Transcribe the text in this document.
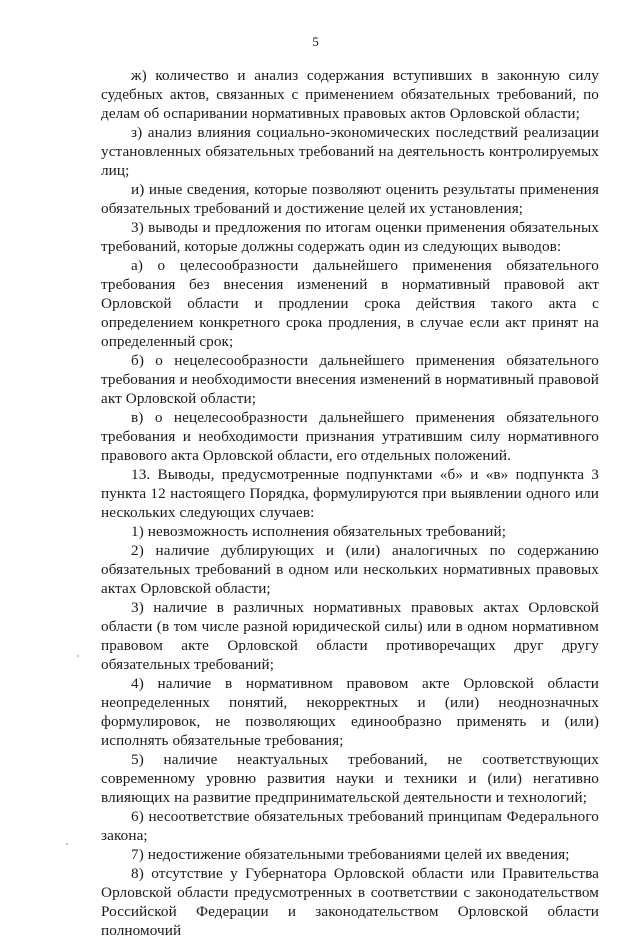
5

ж) количество и анализ содержания вступивших в законную силу судебных актов, связанных с применением обязательных требований, по делам об оспаривании нормативных правовых актов Орловской области;

з) анализ влияния социально-экономических последствий реализации установленных обязательных требований на деятельность контролируемых лиц;

и) иные сведения, которые позволяют оценить результаты применения обязательных требований и достижение целей их установления;

3) выводы и предложения по итогам оценки применения обязательных требований, которые должны содержать один из следующих выводов:

а) о целесообразности дальнейшего применения обязательного требования без внесения изменений в нормативный правовой акт Орловской области и продлении срока действия такого акта с определением конкретного срока продления, в случае если акт принят на определенный срок;

б) о нецелесообразности дальнейшего применения обязательного требования и необходимости внесения изменений в нормативный правовой акт Орловской области;

в) о нецелесообразности дальнейшего применения обязательного требования и необходимости признания утратившим силу нормативного правового акта Орловской области, его отдельных положений.

13. Выводы, предусмотренные подпунктами «б» и «в» подпункта 3 пункта 12 настоящего Порядка, формулируются при выявлении одного или нескольких следующих случаев:

1) невозможность исполнения обязательных требований;

2) наличие дублирующих и (или) аналогичных по содержанию обязательных требований в одном или нескольких нормативных правовых актах Орловской области;

3) наличие в различных нормативных правовых актах Орловской области (в том числе разной юридической силы) или в одном нормативном правовом акте Орловской области противоречащих друг другу обязательных требований;

4) наличие в нормативном правовом акте Орловской области неопределенных понятий, некорректных и (или) неоднозначных формулировок, не позволяющих единообразно применять и (или) исполнять обязательные требования;

5) наличие неактуальных требований, не соответствующих современному уровню развития науки и техники и (или) негативно влияющих на развитие предпринимательской деятельности и технологий;

6) несоответствие обязательных требований принципам Федерального закона;

7) недостижение обязательными требованиями целей их введения;

8) отсутствие у Губернатора Орловской области или Правительства Орловской области предусмотренных в соответствии с законодательством Российской Федерации и законодательством Орловской области полномочий
